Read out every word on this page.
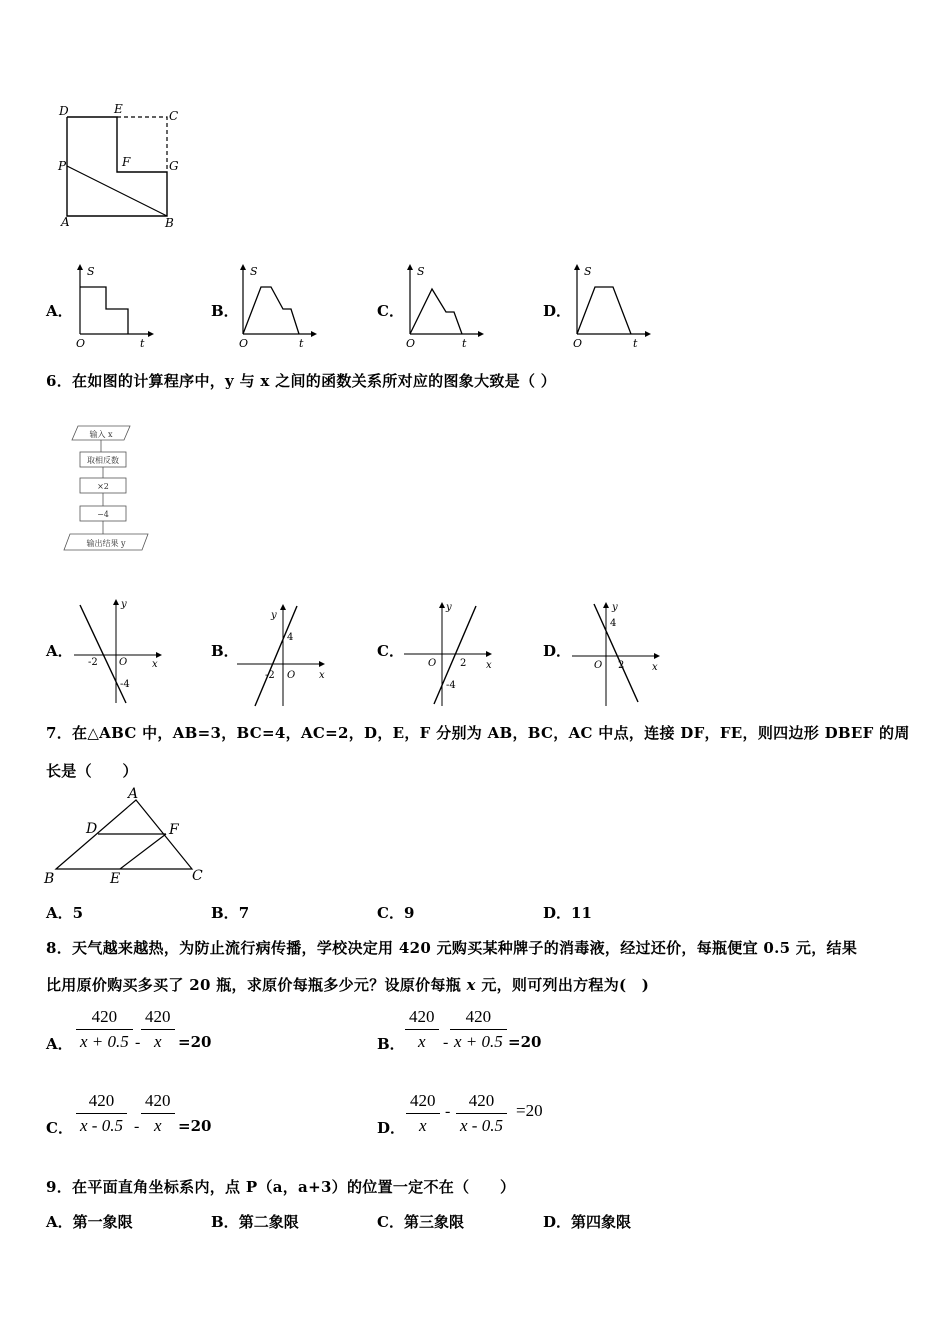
D	E	C
P	F	G
A	B
A．
S
O	t
B．
S
O	t
C．
S
O	t
D．
S
O	t
6．在如图的计算程序中，y 与 x 之间的函数关系所对应的图象大致是（ ）
输入 x
取相反数
×2
−4
输出结果 y
A．
y
x
O
-2
-4
B．
y
x
O
4
-2
C．
y
x
O 2
-4
D．
y
x
O
4
2
7．在△ABC 中，AB=3，BC=4，AC=2，D，E，F 分别为 AB，BC，AC 中点，连接 DF，FE，则四边形 DBEF 的周
长是（　　）
A
D	F
B	E	C
A．5	B．7	C．9	D．11
8．天气越来越热，为防止流行病传播，学校决定用 420 元购买某种牌子的消毒液，经过还价，每瓶便宜 0.5 元，结果
比用原价购买多买了 20 瓶，求原价每瓶多少元？设原价每瓶 x 元，则可列出方程为(　)
A． $\frac{420}{x + 0.5} - \frac{420}{x} =20$	B． $\frac{420}{x} - \frac{420}{x + 0.5} =20$
C． $\frac{420}{x - 0.5} - \frac{420}{x} =20$	D． $\frac{420}{x} - \frac{420}{x - 0.5} =20$
9．在平面直角坐标系内，点 P（a，a+3）的位置一定不在（　　）
A．第一象限	B．第二象限	C．第三象限	D．第四象限
